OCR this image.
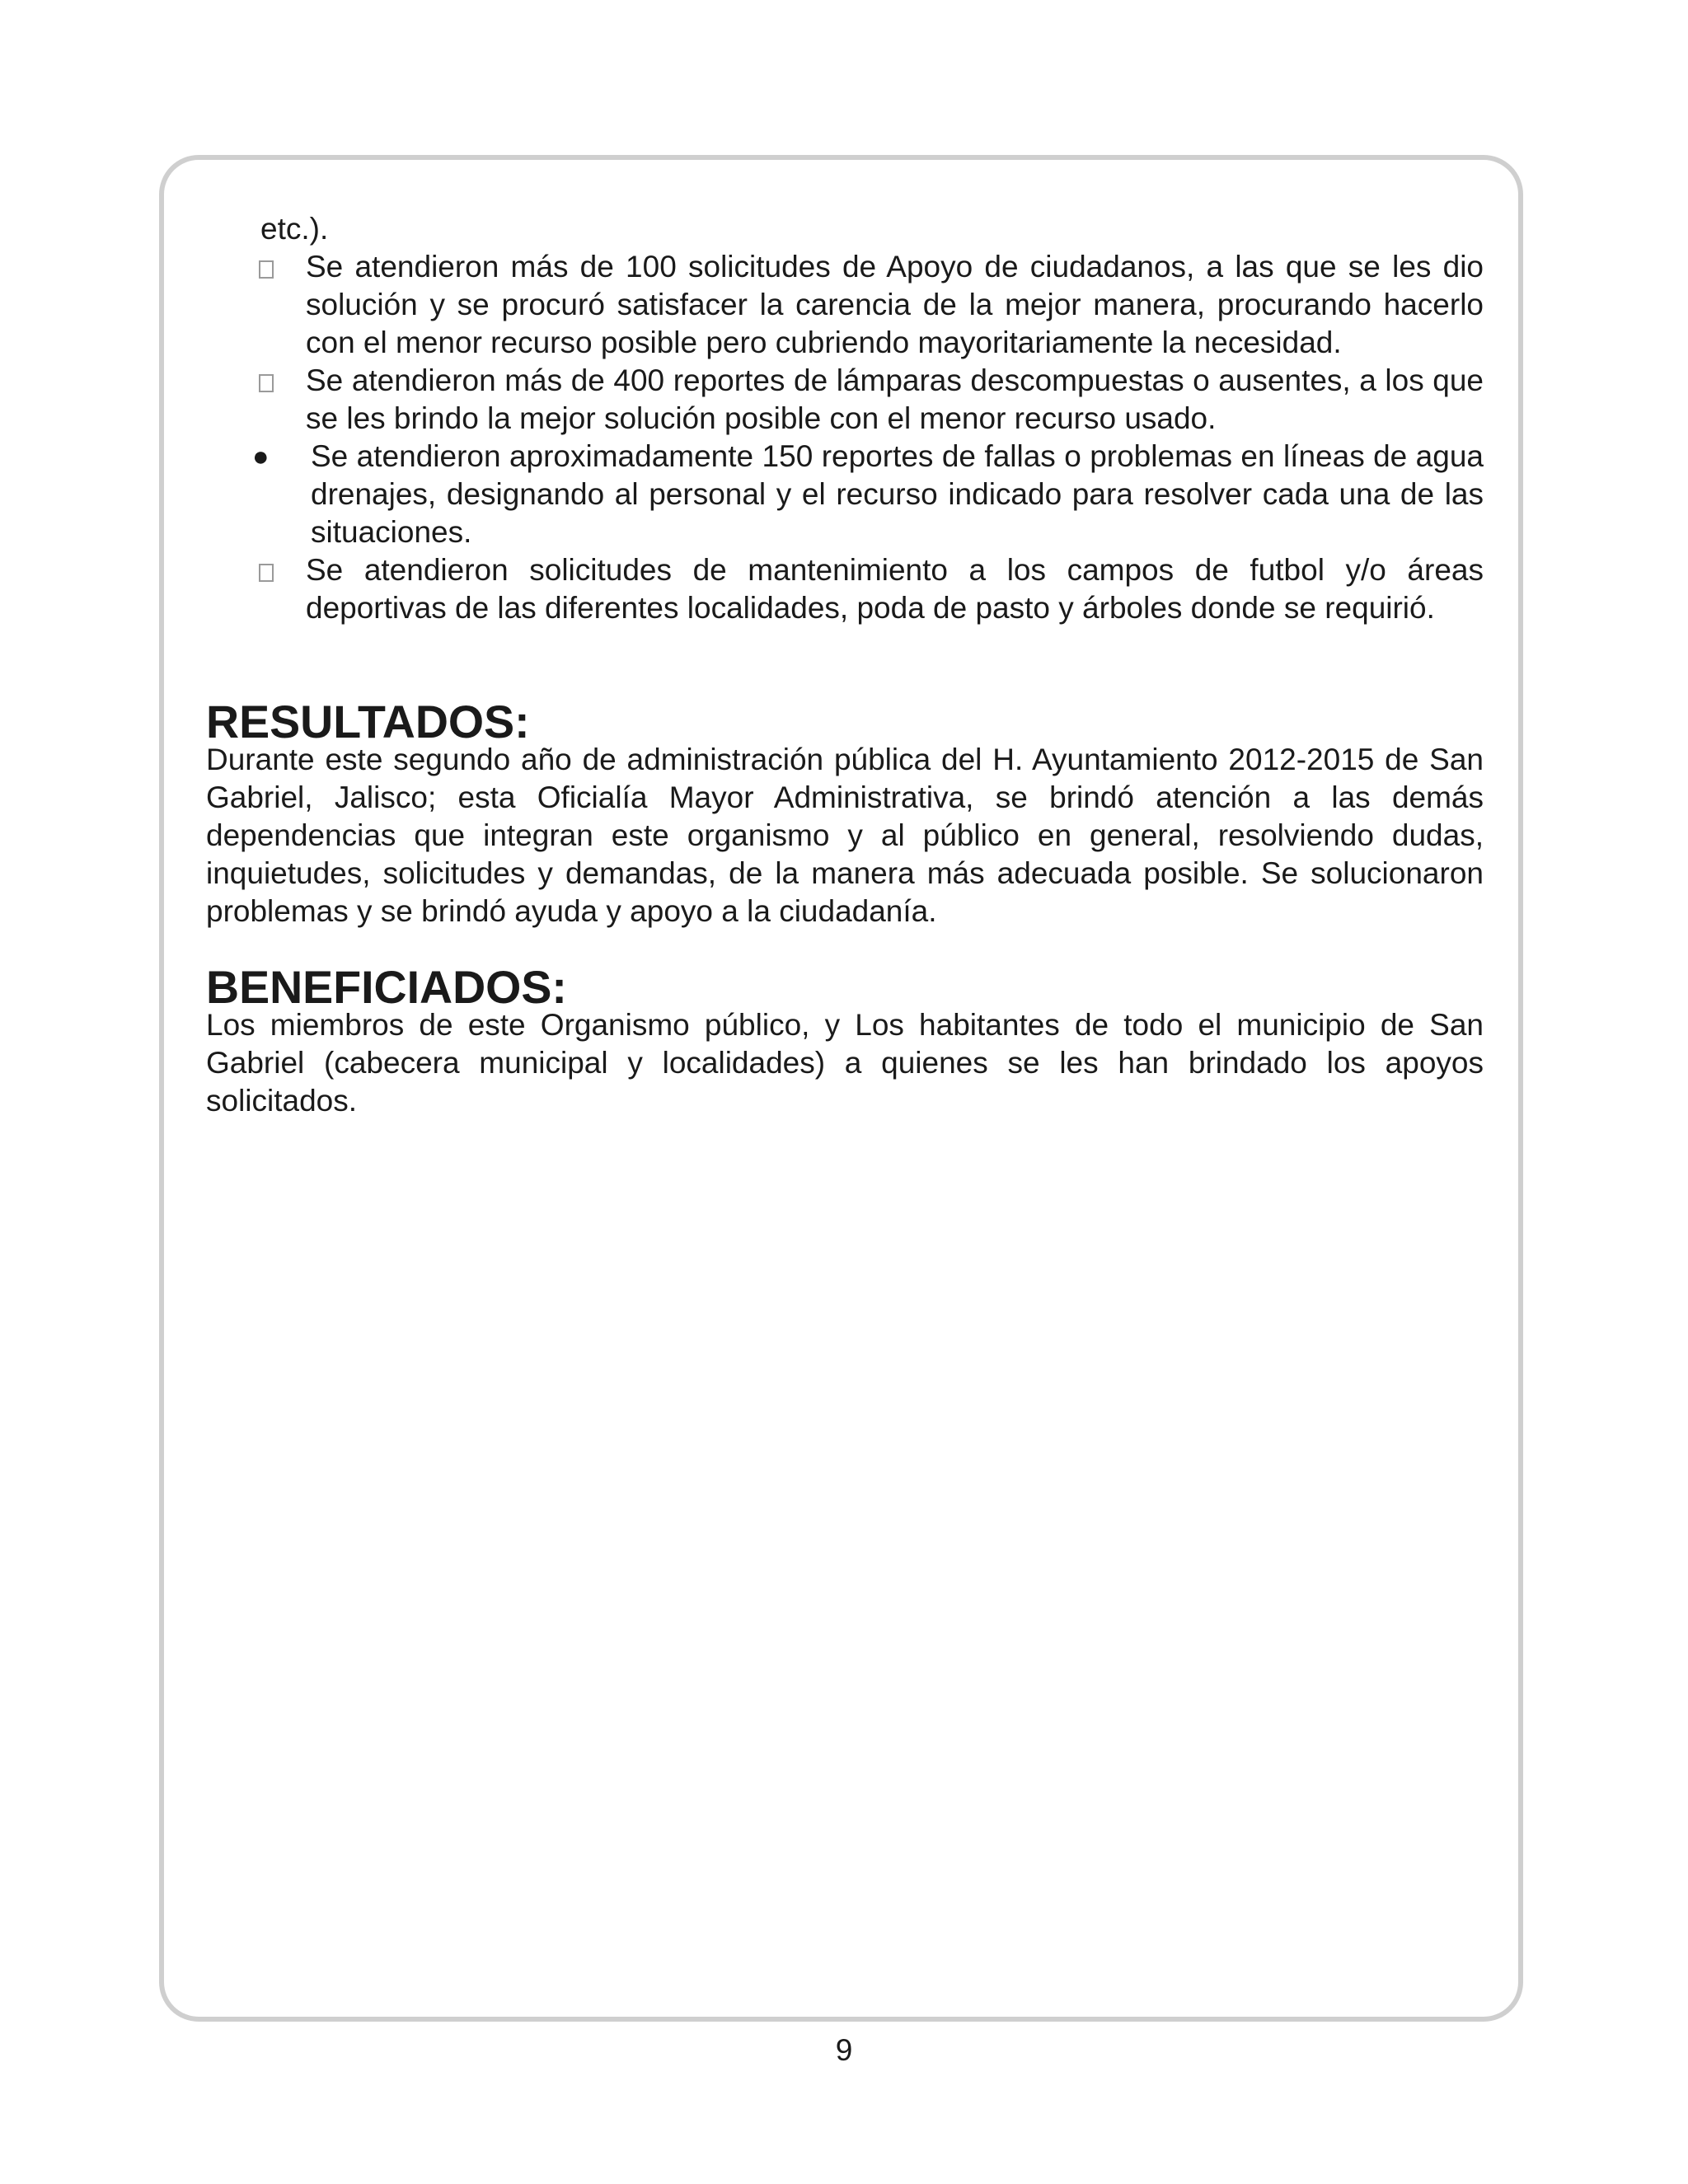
etc.).

Se atendieron más de 100 solicitudes de Apoyo de ciudadanos, a las que se les dio solución y se procuró satisfacer la carencia de la mejor manera, procurando hacerlo con el menor recurso posible pero cubriendo mayoritariamente la necesidad.
Se atendieron más de 400 reportes de lámparas descompuestas o ausentes, a los que se les brindo la mejor solución posible con el menor recurso usado.
●	Se atendieron aproximadamente 150 reportes de fallas o problemas en líneas de agua drenajes, designando al personal y el recurso indicado para resolver cada una de las situaciones.
Se atendieron solicitudes de mantenimiento a los campos de futbol y/o áreas deportivas de las diferentes localidades, poda de pasto y árboles donde se requirió.
RESULTADOS:

Durante este segundo año de administración pública del H. Ayuntamiento 2012-2015 de San Gabriel, Jalisco; esta Oficialía Mayor Administrativa, se brindó atención a las demás dependencias que integran este organismo y al público en general, resolviendo dudas, inquietudes, solicitudes y demandas, de la manera más adecuada posible. Se solucionaron problemas y se brindó ayuda y apoyo a la ciudadanía.

BENEFICIADOS:

Los miembros de este Organismo público, y Los habitantes de todo el municipio de San Gabriel (cabecera municipal y localidades) a quienes se les han brindado los apoyos solicitados.

9
